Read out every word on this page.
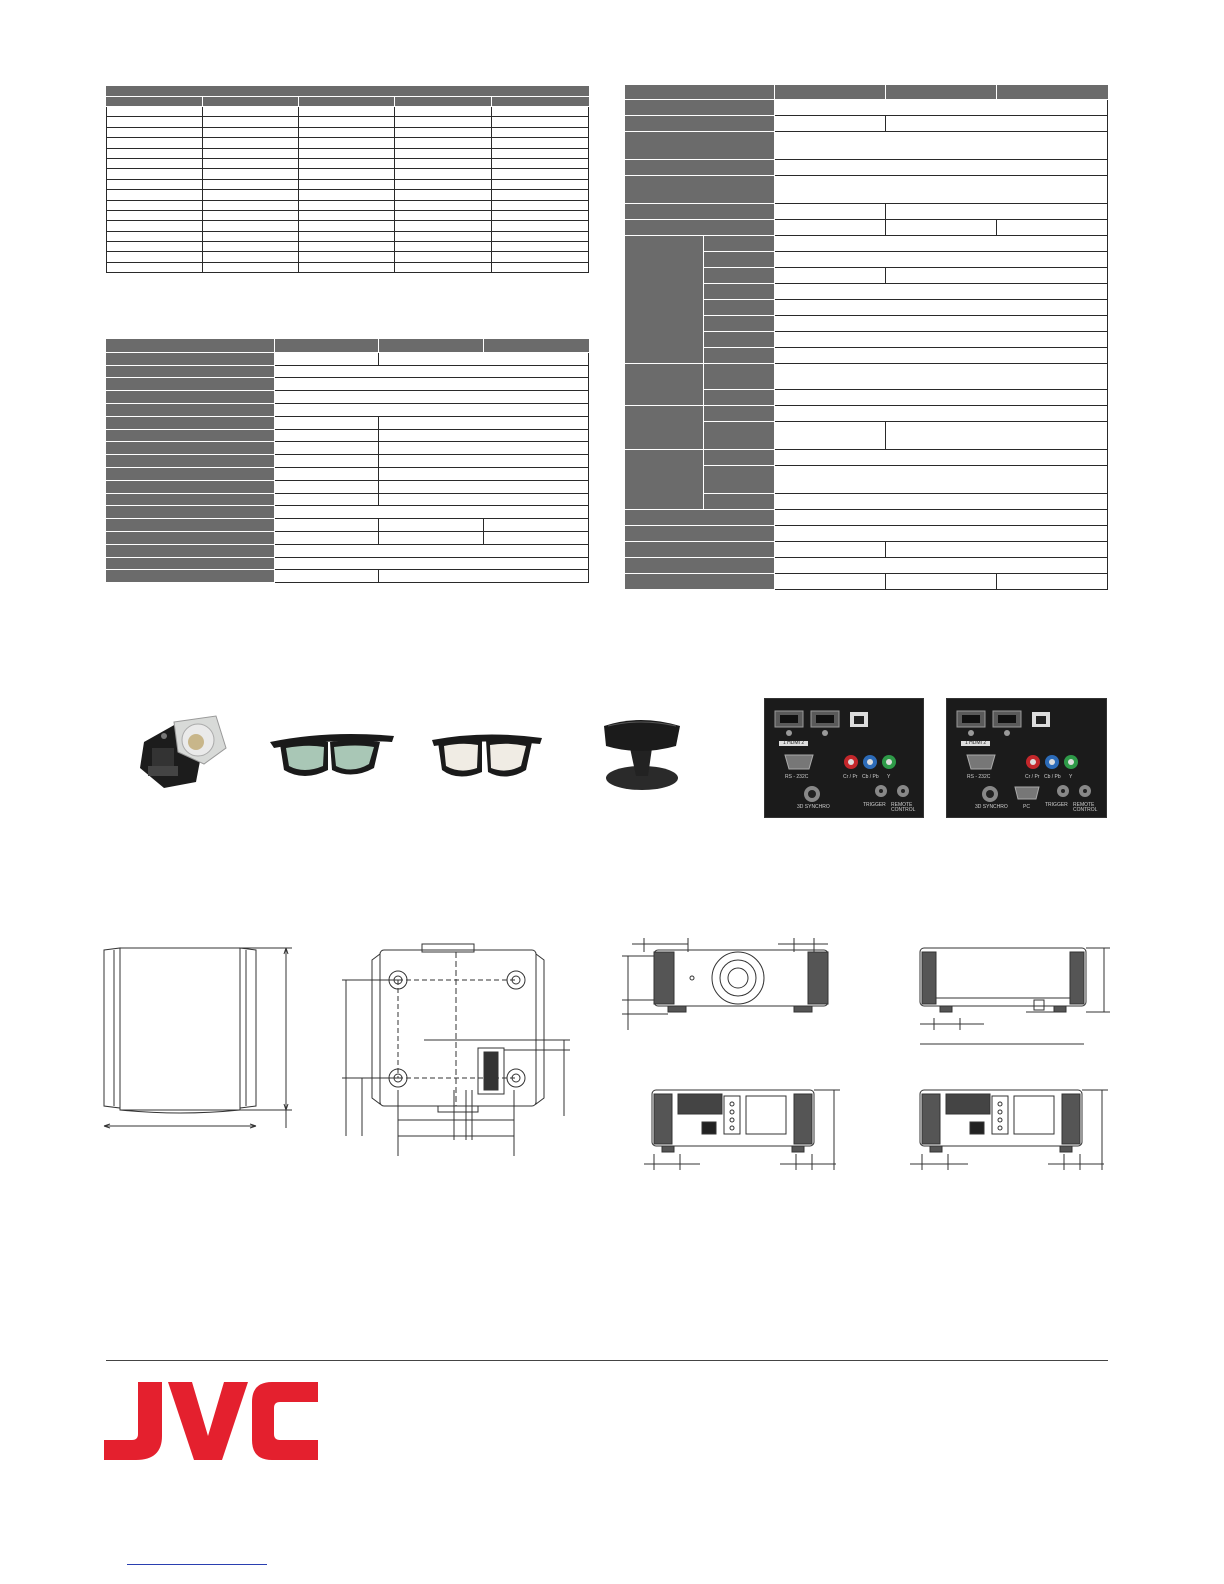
1 HDMI 2
RS - 232C	Cr / Pr Cb / Pb Y
3D SYNCHRO	TRIGGER REMOTE CONTROL
1 HDMI 2
RS - 232C	Cr / Pr Cb / Pb Y
3D SYNCHRO	PC	TRIGGER REMOTE CONTROL
